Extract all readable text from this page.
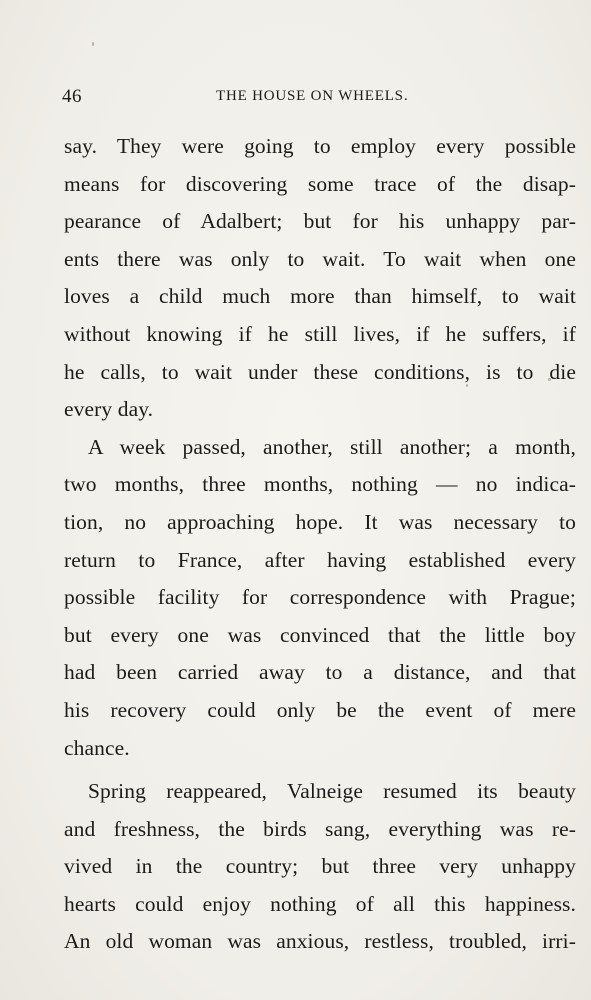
46	THE HOUSE ON WHEELS.
say. They were going to employ every possible
means for discovering some trace of the disap-
pearance of Adalbert; but for his unhappy par-
ents there was only to wait. To wait when one
loves a child much more than himself, to wait
without knowing if he still lives, if he suffers, if
he calls, to wait under these conditions, is to die
every day.
A week passed, another, still another; a month,
two months, three months, nothing — no indica-
tion, no approaching hope. It was necessary to
return to France, after having established every
possible facility for correspondence with Prague;
but every one was convinced that the little boy
had been carried away to a distance, and that
his recovery could only be the event of mere
chance.
Spring reappeared, Valneige resumed its beauty
and freshness, the birds sang, everything was re-
vived in the country; but three very unhappy
hearts could enjoy nothing of all this happiness.
An old woman was anxious, restless, troubled, irri-
